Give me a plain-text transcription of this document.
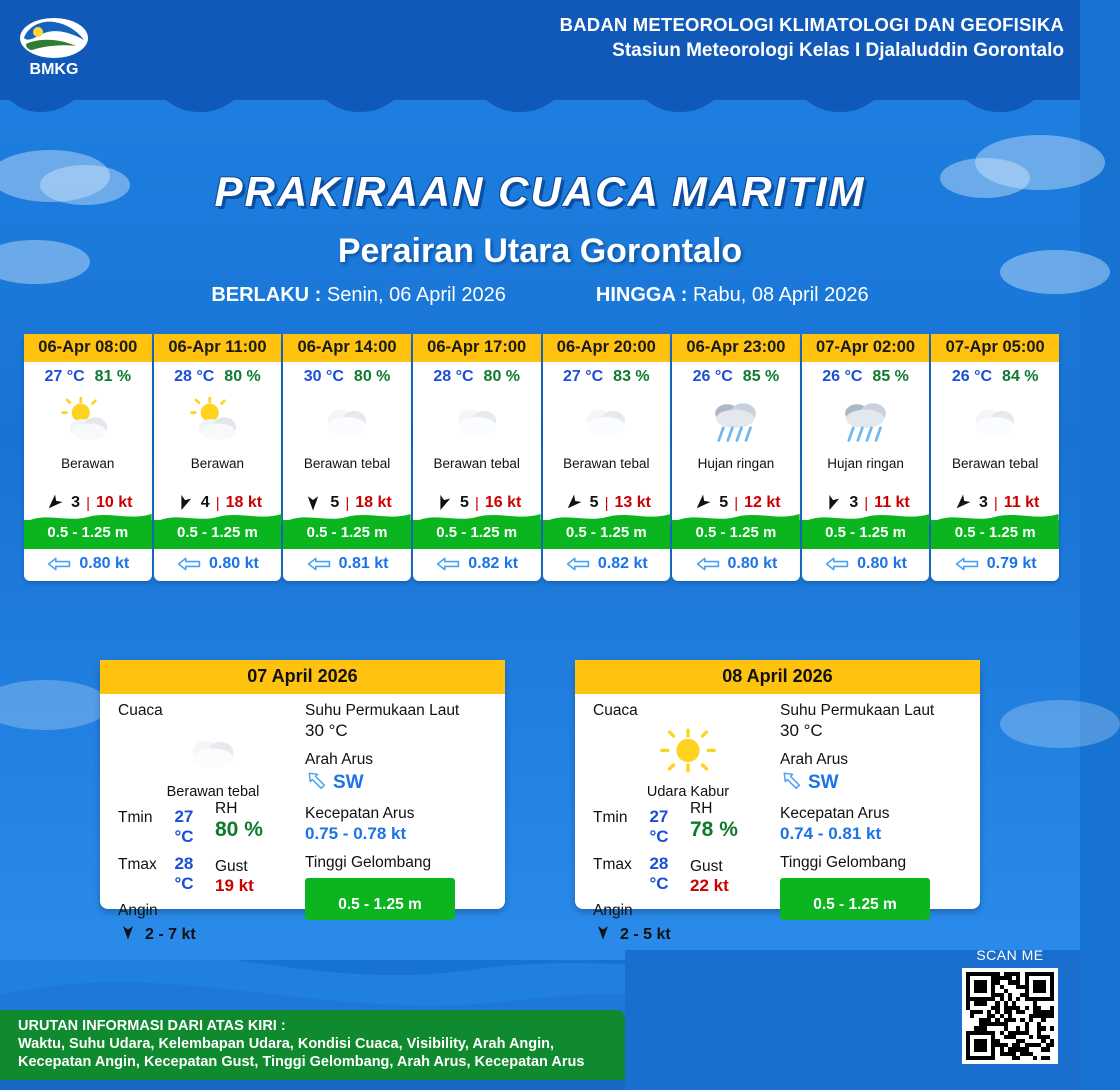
BMKG
BADAN METEOROLOGI KLIMATOLOGI DAN GEOFISIKA
Stasiun Meteorologi Kelas I Djalaluddin Gorontalo
PRAKIRAAN CUACA MARITIM
Perairan Utara Gorontalo
BERLAKU : Senin, 06 April 2026	HINGGA : Rabu, 08 April 2026
06-Apr 08:00
27 °C 81 %
Berawan
3 | 10 kt
0.5 - 1.25 m
0.80 kt
06-Apr 11:00
28 °C 80 %
Berawan
4 | 18 kt
0.5 - 1.25 m
0.80 kt
06-Apr 14:00
30 °C 80 %
Berawan tebal
5 | 18 kt
0.5 - 1.25 m
0.81 kt
06-Apr 17:00
28 °C 80 %
Berawan tebal
5 | 16 kt
0.5 - 1.25 m
0.82 kt
06-Apr 20:00
27 °C 83 %
Berawan tebal
5 | 13 kt
0.5 - 1.25 m
0.82 kt
06-Apr 23:00
26 °C 85 %
Hujan ringan
5 | 12 kt
0.5 - 1.25 m
0.80 kt
07-Apr 02:00
26 °C 85 %
Hujan ringan
3 | 11 kt
0.5 - 1.25 m
0.80 kt
07-Apr 05:00
26 °C 84 %
Berawan tebal
3 | 11 kt
0.5 - 1.25 m
0.79 kt
07 April 2026
Cuaca
Berawan tebal
Tmin	27 °C
Tmax	28 °C
Angin
2 - 7 kt
RH
80 %
Gust
19 kt
Suhu Permukaan Laut
30 °C
Arah Arus
SW
Kecepatan Arus
0.75 - 0.78 kt
Tinggi Gelombang
0.5 - 1.25 m
08 April 2026
Cuaca
Udara Kabur
Tmin	27 °C
Tmax	28 °C
Angin
2 - 5 kt
RH
78 %
Gust
22 kt
Suhu Permukaan Laut
30 °C
Arah Arus
SW
Kecepatan Arus
0.74 - 0.81 kt
Tinggi Gelombang
0.5 - 1.25 m
URUTAN INFORMASI DARI ATAS KIRI :
Waktu, Suhu Udara, Kelembapan Udara, Kondisi Cuaca, Visibility, Arah Angin,
Kecepatan Angin, Kecepatan Gust, Tinggi Gelombang, Arah Arus, Kecepatan Arus
SCAN ME
